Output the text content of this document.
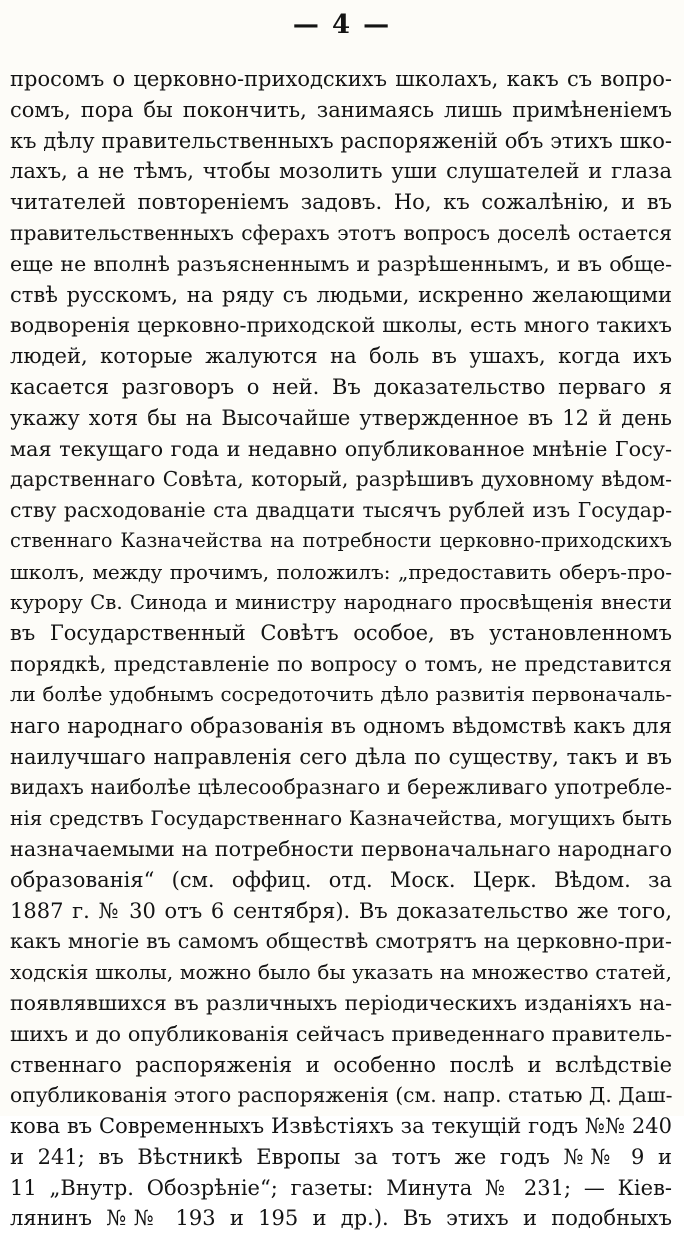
— 4 —
просомъ о церковно-приходскихъ школахъ, какъ съ вопро-
сомъ, пора бы покончить, занимаясь лишь примѣненіемъ
къ дѣлу правительственныхъ распоряженій объ этихъ шко-
лахъ, а не тѣмъ, чтобы мозолить уши слушателей и глаза
читателей повтореніемъ задовъ. Но, къ сожалѣнію, и въ
правительственныхъ сферахъ этотъ вопросъ доселѣ остается
еще не вполнѣ разъясненнымъ и разрѣшеннымъ, и въ обще-
ствѣ русскомъ, на ряду съ людьми, искренно желающими
водворенія церковно-приходской школы, есть много такихъ
людей, которые жалуются на боль въ ушахъ, когда ихъ
касается разговоръ о ней. Въ доказательство перваго я
укажу хотя бы на Высочайше утвержденное въ 12 й день
мая текущаго года и недавно опубликованное мнѣніе Госу-
дарственнаго Совѣта, который, разрѣшивъ духовному вѣдом-
ству расходованіе ста двадцати тысячъ рублей изъ Государ-
ственнаго Казначейства на потребности церковно-приходскихъ
школъ, между прочимъ, положилъ: „предоставить оберъ-про-
курору Св. Синода и министру народнаго просвѣщенія внести
въ Государственный Совѣтъ особое, въ установленномъ
порядкѣ, представленіе по вопросу о томъ, не представится
ли болѣе удобнымъ сосредоточить дѣло развитія первоначаль-
наго народнаго образованія въ одномъ вѣдомствѣ какъ для
наилучшаго направленія сего дѣла по существу, такъ и въ
видахъ наиболѣе цѣлесообразнаго и бережливаго употребле-
нія средствъ Государственнаго Казначейства, могущихъ быть
назначаемыми на потребности первоначальнаго народнаго
образованія“ (см. оффиц. отд. Моск. Церк. Вѣдом. за
1887 г. № 30 отъ 6 сентября). Въ доказательство же того,
какъ многіе въ самомъ обществѣ смотрятъ на церковно-при-
ходскія школы, можно было бы указать на множество статей,
появлявшихся въ различныхъ періодическихъ изданіяхъ на-
шихъ и до опубликованія сейчасъ приведеннаго правитель-
ственнаго распоряженія и особенно послѣ и вслѣдствіе
опубликованія этого распоряженія (см. напр. статью Д. Даш-
кова въ Современныхъ Извѣстіяхъ за текущій годъ №№ 240
и 241; въ Вѣстникѣ Европы за тотъ же годъ №№ 9 и
11 „Внутр. Обозрѣніе“; газеты: Минута № 231; — Кіев-
лянинъ №№ 193 и 195 и др.). Въ этихъ и подобныхъ
